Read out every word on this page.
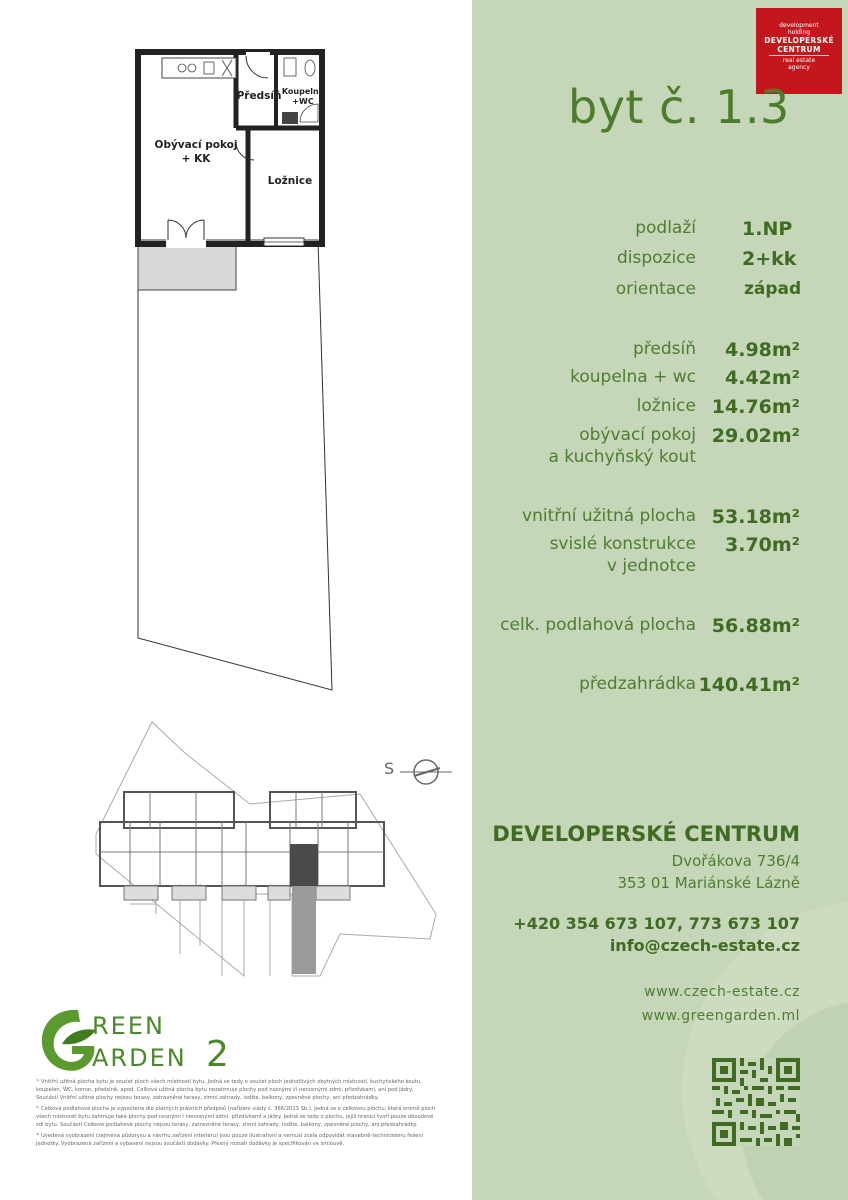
Předsíň Koupelna
+WC
Obývací pokoj
+ KK
Ložnice
S
REEN
ARDEN 2

¹⁾ Vnitřní užitná plocha bytu je součet ploch všech místností bytu. Jedná se tedy o součet ploch jednotlivých obytných místností, kuchyňského koutu, koupelen, WC, komor, předsíně, apod. Celková užitná plocha bytu nezahrnuje plochy pod nosnými či nenosnými zdmi, přizdívkami, ani pod jádry. Součástí Vnitřní užitné plochy nejsou terasy, zatravněné terasy, zimní zahrady, lodžie, balkony, zpevněné plochy, ani předzahrádky.

²⁾ Celková podlahová plocha je vypočtena dle platných právních předpisů (nařízení vlády č. 366/2013 Sb.). Jedná se o celkovou plochu, která kromě ploch všech místností bytu zahrnuje také plochy pod nosnými i nenosnými zdmi, přizdívkami a jádry. Jedná se tedy o plochu, jejíž hranici tvoří pouze obvodové zdi bytu. Součástí Celkové podlahové plochy nejsou terasy, zatravněné terasy, zimní zahrady, lodžie, balkony, zpevněné plochy, ani předzahrádky.

³⁾ Uvedená vyobrazení (zejména půdorysu a návrhu zařízení interiéru) jsou pouze ilustrativní a nemusí zcela odpovídat stavebně-technickému řešení jednotky. Vyobrazená zařízení a vybavení nejsou součástí dodávky. Přesný rozsah dodávky je specifikován ve smlouvě.

development
holding
DEVELOPERSKÉ
CENTRUM
real estate
agency
byt č. 1.3
podlaží 1.NP
dispozice 2+kk
orientace	západ
předsíň 4.98m²
koupelna + wc 4.42m²
ložnice 14.76m²
obývací pokoj 29.02m²
a kuchyňský kout
vnitřní užitná plocha 53.18m²
svislé konstrukce 3.70m²
v jednotce
celk. podlahová plocha 56.88m²
předzahrádka 140.41m²
DEVELOPERSKÉ CENTRUM
Dvořákova 736/4
353 01 Mariánské Lázně
+420 354 673 107, 773 673 107
info@czech-estate.cz
www.czech-estate.cz
www.greengarden.ml
